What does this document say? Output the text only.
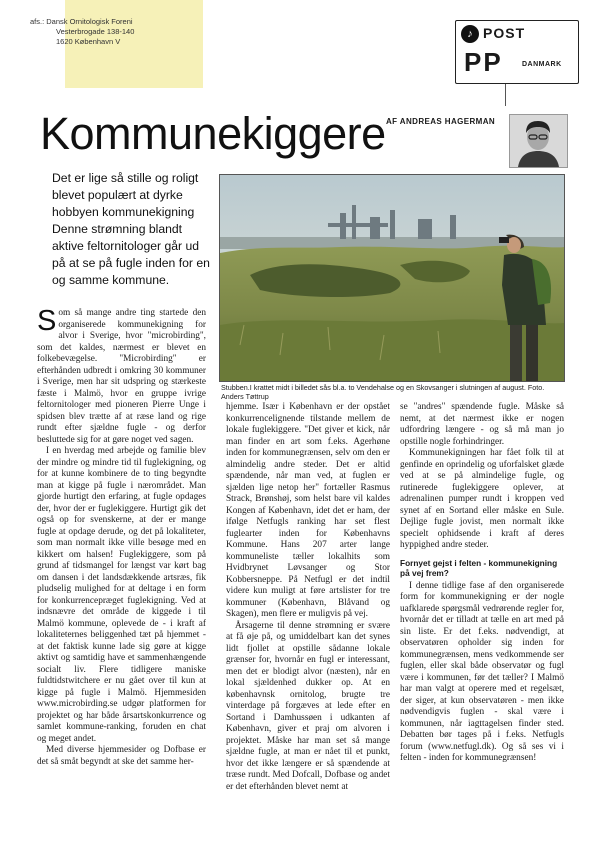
afs.: Dansk Ornitologisk Foreni
Vesterbrogade 138-140
1620 København V
♪ POST
PP	DANMARK
Kommunekiggere AF ANDREAS HAGERMAN
Det er lige så stille og roligt blevet populært at dyrke hobbyen kommunekigning Denne strømning blandt aktive feltornitologer går ud på at se på fugle inden for en og samme kommune.
Stubben.I krattet midt i billedet sås bl.a. to Vendehalse og en Skovsanger i slutningen af august. Foto. Anders Tøttrup

Som så mange andre ting startede den organiserede kommunekigning for alvor i Sverige, hvor "microbirding", som det kaldes, nærmest er blevet en folkebevægelse. "Microbirding" er efterhånden udbredt i omkring 30 kommuner i Sverige, men har sit udspring og stærkeste fæste i Malmö, hvor en gruppe ivrige feltornitologer med pioneren Pierre Unge i spidsen blev trætte af at ræse land og rige rundt efter sjældne fugle - og derfor besluttede sig for at gøre noget ved sagen.

I en hverdag med arbejde og familie blev der mindre og mindre tid til fuglekigning, og for at kunne kombinere de to ting begyndte man at kigge på fugle i nærområdet. Man gjorde hurtigt den erfaring, at fugle opdages der, hvor der er fuglekiggere. Hurtigt gik det også op for svenskerne, at der er mange fugle at opdage derude, og det på lokaliteter, som man normalt ikke ville besøge med en kikkert om halsen! Fuglekiggere, som på grund af tidsmangel for længst var kørt bag om dansen i det landsdækkende artsræs, fik pludselig mulighed for at deltage i en form for konkurrencepræget fuglekigning. Ved at indsnævre det område de kiggede i til Malmö kommune, oplevede de - i kraft af lokaliteternes beliggenhed tæt på hjemmet - at det faktisk kunne lade sig gøre at kigge aktivt og samtidig have et sammenhængende socialt liv. Flere tidligere maniske fuldtidstwitchere er nu gået over til kun at kigge på fugle i Malmö. Hjemmesiden www.microbirding.se udgør platformen for projektet og har både årsartskonkurrence og samlet kommune-ranking, foruden en chat og meget andet.

Med diverse hjemmesider og Dofbase er det så småt begyndt at ske det samme her-

hjemme. Især i København er der opstået konkurrencelignende tilstande mellem de lokale fuglekiggere. "Det giver et kick, når man finder en art som f.eks. Agerhøne inden for kommunegrænsen, selv om den er almindelig andre steder. Det er altid spændende, når man ved, at fuglen er sjælden lige netop her" fortæller Rasmus Strack, Brønshøj, som helst bare vil kaldes Kongen af København, idet det er ham, der ifølge Netfugls ranking har set flest fuglearter inden for Københavns Kommune. Hans 207 arter lange kommuneliste tæller lokalhits som Hvidbrynet Løvsanger og Stor Kobbersneppe. På Netfugl er det indtil videre kun muligt at føre artslister for tre kommuner (København, Blåvand og Skagen), men flere er muligvis på vej.

Årsagerne til denne strømning er svære at få øje på, og umiddelbart kan det synes lidt fjollet at opstille sådanne lokale grænser for, hvornår en fugl er interessant, men det er blodigt alvor (næsten), når en lokal sjældenhed dukker op. At en københavnsk ornitolog, brugte tre vinterdage på forgæves at lede efter en Sortand i Damhussøen i udkanten af København, giver et praj om alvoren i projektet. Måske har man set så mange sjældne fugle, at man er nået til et punkt, hvor det ikke længere er så spændende at træse rundt. Med Dofcall, Dofbase og andet er det efterhånden blevet nemt at

se "andres" spændende fugle. Måske så nemt, at det nærmest ikke er nogen udfordring længere - og så må man jo opstille nogle forhindringer.

Kommunekigningen har fået folk til at genfinde en oprindelig og uforfalsket glæde ved at se på almindelige fugle, og rutinerede fuglekiggere oplever, at adrenalinen pumper rundt i kroppen ved synet af en Sortand eller måske en Sule. Dejlige fugle jovist, men normalt ikke specielt ophidsende i kraft af deres hyppighed andre steder.

Fornyet gejst i felten - kommunekigning på vej frem?

I denne tidlige fase af den organiserede form for kommunekigning er der nogle uafklarede spørgsmål vedrørende regler for, hvornår det er tilladt at tælle en art med på sin liste. Er det f.eks. nødvendigt, at observatøren opholder sig inden for kommunegrænsen, mens vedkommende ser fuglen, eller skal både observatør og fugl være i kommunen, før det tæller? I Malmö har man valgt at operere med et regelsæt, der siger, at kun observatøren - men ikke nødvendigvis fuglen - skal være i kommunen, når iagttagelsen finder sted. Debatten bør tages på i f.eks. Netfugls forum (www.netfugl.dk). Og så ses vi i felten - inden for kommunegrænsen!
